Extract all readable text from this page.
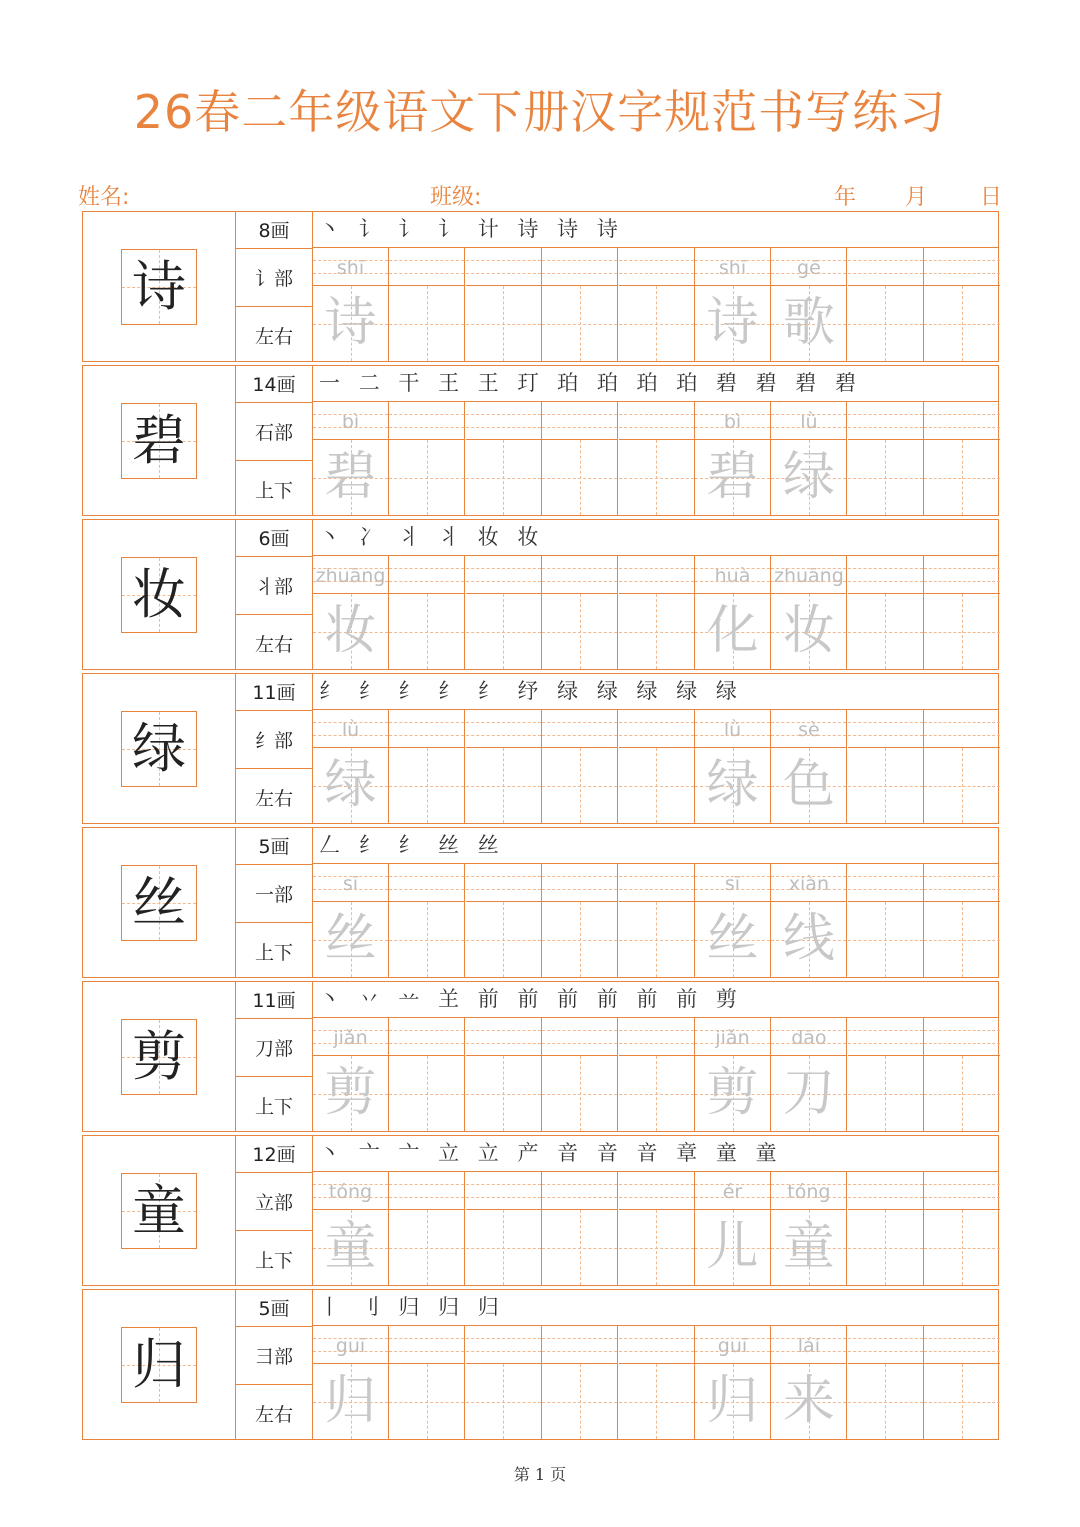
26春二年级语文下册汉字规范书写练习
姓名:	班级:	年 月 日
诗
8画
讠部
左右
丶 讠 讠 讠 计 诗 诗 诗
shī
诗
shī
诗
gē
歌
碧
14画
石部
上下
一 二 干 王 王 玎 珀 珀 珀 珀 碧 碧 碧 碧
bì
碧
bì
碧
lǜ
绿
妆
6画
丬部
左右
丶 冫 丬 丬 妆 妆
zhuāng
妆
huà
化
zhuāng
妆
绿
11画
纟部
左右
纟 纟 纟 纟 纟 纾 绿 绿 绿 绿 绿
lǜ
绿
lǜ
绿
sè
色
丝
5画
一部
上下
𠃋 纟 纟 丝 丝
sī
丝
sī
丝
xiàn
线
剪
11画
刀部
上下
丶 丷 䒑 𦍌 前 前 前 前 前 前 剪
jiǎn
剪
jiǎn
剪
dāo
刀
童
12画
立部
上下
丶 亠 亠 立 立 产 音 音 音 章 童 童
tóng
童
ér
儿
tóng
童
归
5画
彐部
左右
丨 刂 归 归 归
guī
归
guī
归
lái
来
第 1 页
